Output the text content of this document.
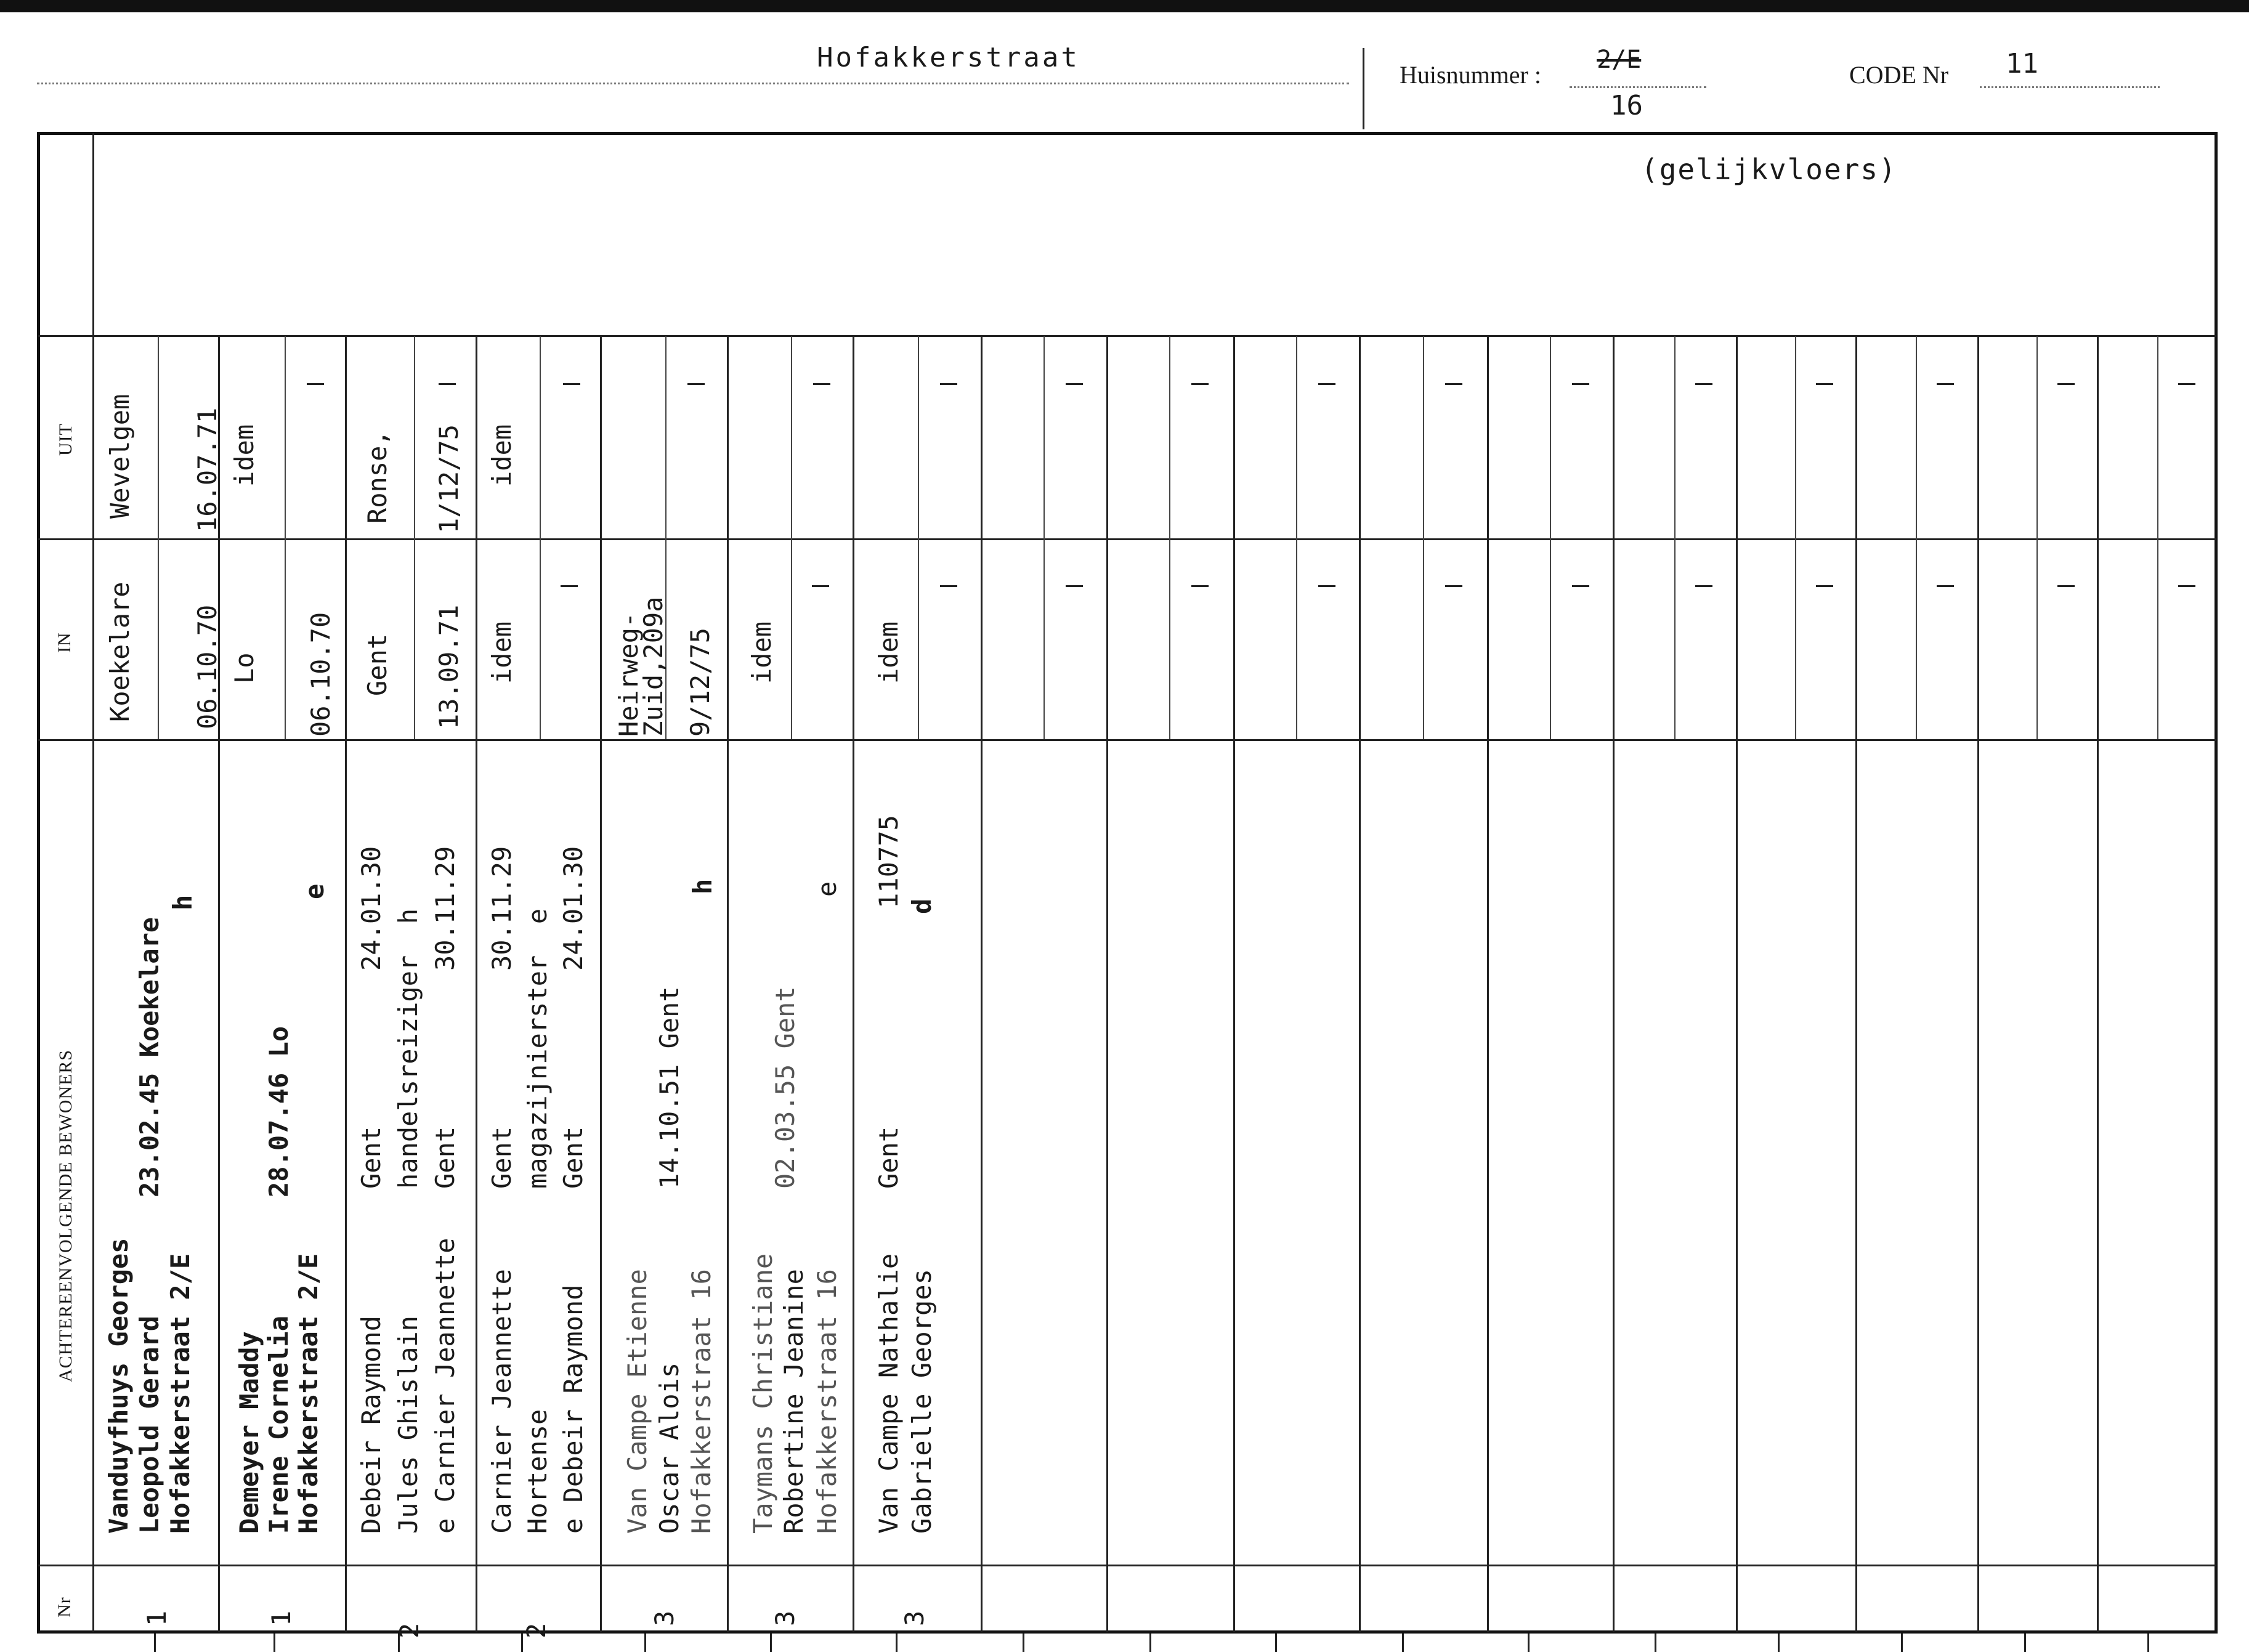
Hofakkerstraat
Huisnummer :
2/E
16
CODE Nr 11
(gelijkvloers)
UIT
IN
ACHTEREENVOLGENDE BEWONERS
Nr
Wevelgem 16.07.71
Koekelare 06.10.70
Vanduyfhuys Georges Leopold Gerard Hofakkerstraat 2/E
23.02.45 Koekelare
h
1
idem
Lo 06.10.70
Demeyer Maddy Irene Cornelia Hofakkerstraat 2/E
28.07.46 Lo
e
1
Ronse, 1/12/75
Gent 13.09.71
Debeir Raymond Jules Ghislain e Carnier Jeannette
Gent          24.01.30 handelsreiziger  h Gent          30.11.29
2
idem
idem
Carnier Jeannette Hortense e Debeir Raymond
Gent          30.11.29 magazijnierster  e Gent          24.01.30
2
Heirweg-
Zuid,209a 9/12/75
Van Campe Etienne Oscar Alois Hofakkerstraat 16
14.10.51 Gent
h
3
idem
Taymans Christiane Robertine Jeanine Hofakkerstraat 16
02.03.55 Gent
e
3
idem
Van Campe Nathalie Gabrielle Georges
Gent              110775 d
3
